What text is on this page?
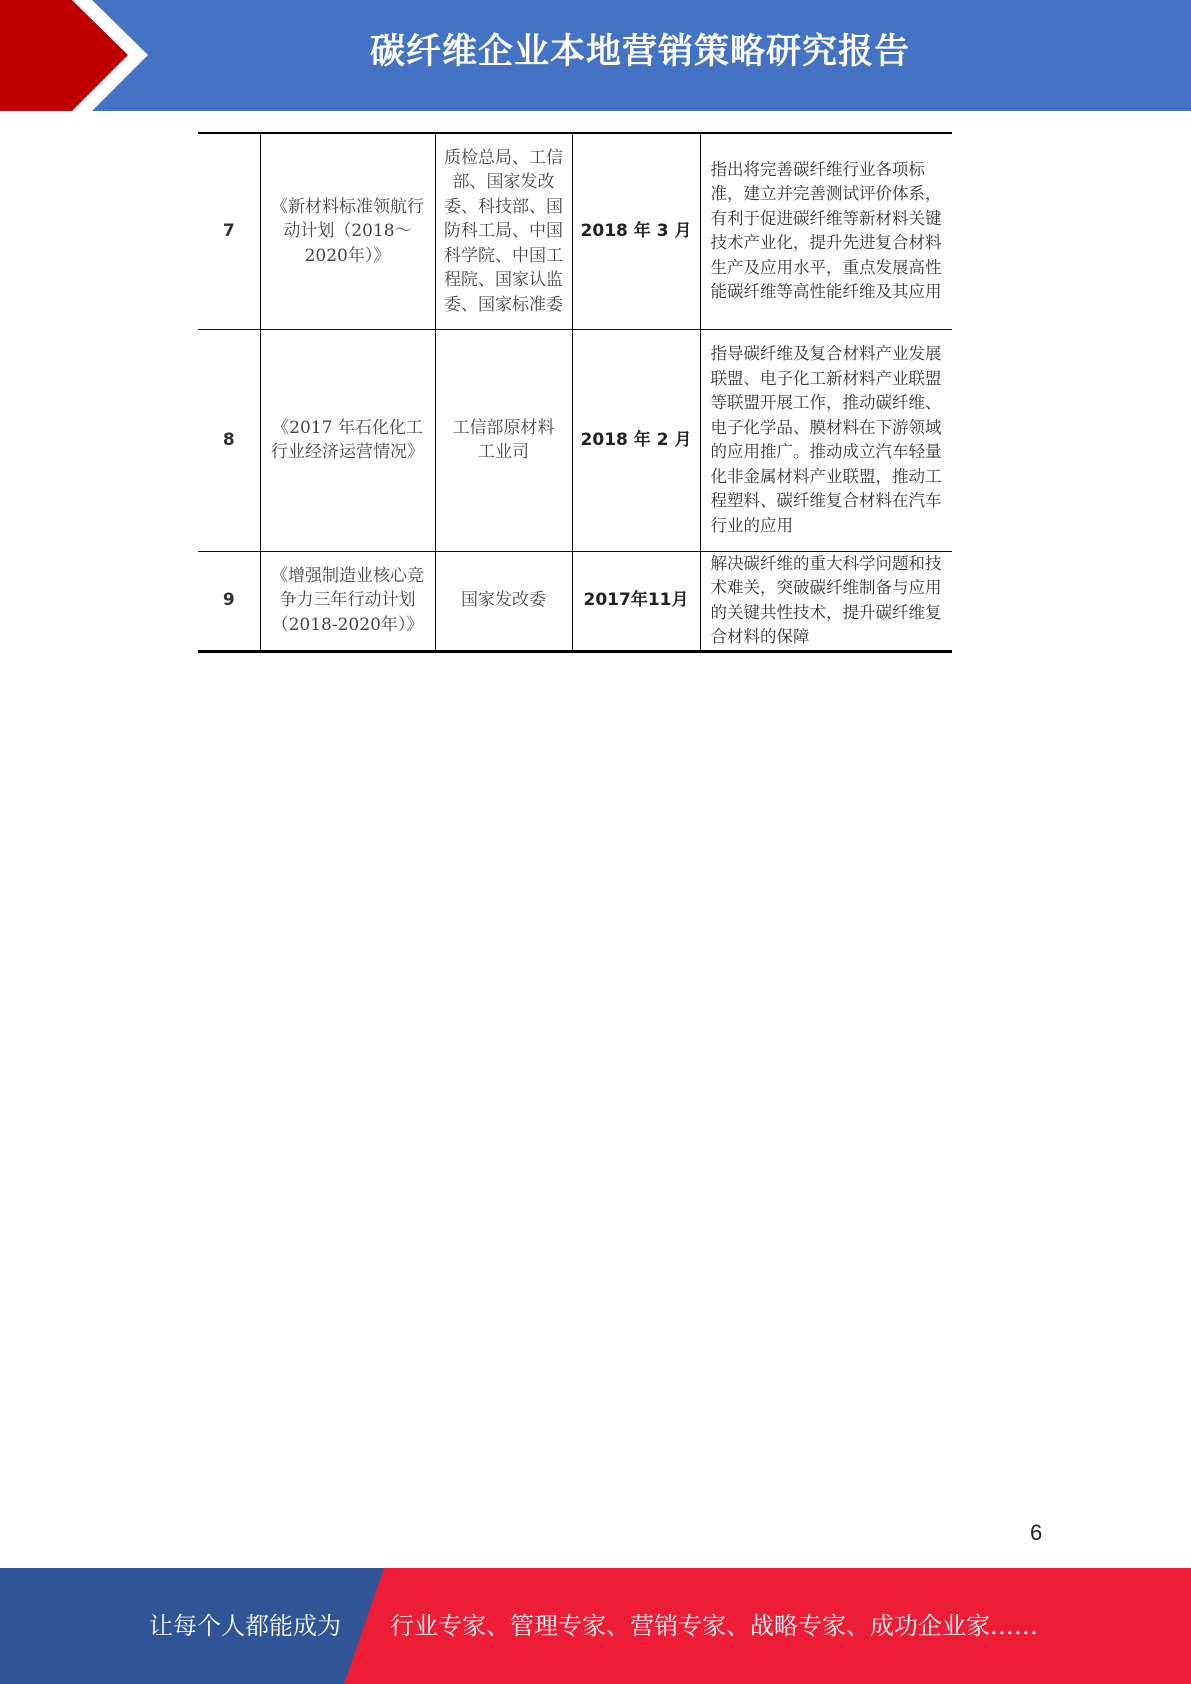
碳纤维企业本地营销策略研究报告
7	《新材料标准领航行动计划（2018～2020年）》	质检总局、工信部、国家发改委、科技部、国防科工局、中国科学院、中国工程院、国家认监委、国家标准委	2018 年 3 月	指出将完善碳纤维行业各项标准，建立并完善测试评价体系，有利于促进碳纤维等新材料关键技术产业化，提升先进复合材料生产及应用水平，重点发展高性能碳纤维等高性能纤维及其应用
8	《2017 年石化化工行业经济运营情况》	工信部原材料工业司	2018 年 2 月	指导碳纤维及复合材料产业发展联盟、电子化工新材料产业联盟等联盟开展工作，推动碳纤维、电子化学品、膜材料在下游领域的应用推广。推动成立汽车轻量化非金属材料产业联盟，推动工程塑料、碳纤维复合材料在汽车行业的应用
9	《增强制造业核心竞争力三年行动计划（2018-2020年）》	国家发改委	2017年11月	解决碳纤维的重大科学问题和技术难关，突破碳纤维制备与应用的关键共性技术，提升碳纤维复合材料的保障
6
让每个人都能成为	行业专家、管理专家、营销专家、战略专家、成功企业家……
